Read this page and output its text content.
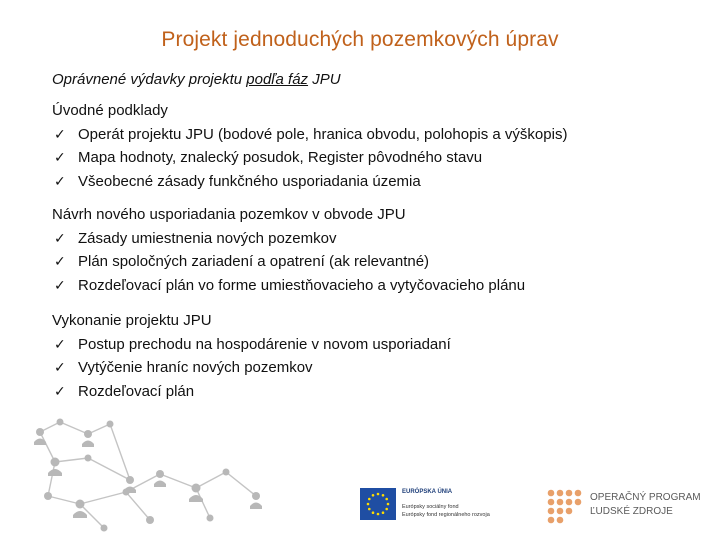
Projekt jednoduchých pozemkových úprav
Oprávnené výdavky projektu podľa fáz JPU
Úvodné podklady
✓ Operát projektu JPU (bodové pole, hranica obvodu, polohopis a výškopis)
✓ Mapa hodnoty, znalecký posudok, Register pôvodného stavu
✓ Všeobecné zásady funkčného usporiadania územia
Návrh nového usporiadania pozemkov v obvode JPU
✓ Zásady umiestnenia nových pozemkov
✓ Plán spoločných zariadení a opatrení (ak relevantné)
✓ Rozdeľovací plán vo forme umiestňovacieho a vytyčovacieho plánu
Vykonanie projektu JPU
✓ Postup prechodu na hospodárenie v novom usporiadaní
✓ Vytýčenie hraníc nových pozemkov
✓ Rozdeľovací plán
EURÓPSKA ÚNIA
Európsky sociálny fond
Európsky fond regionálneho rozvoja
OPERAČNÝ PROGRAM
ĽUDSKÉ ZDROJE
